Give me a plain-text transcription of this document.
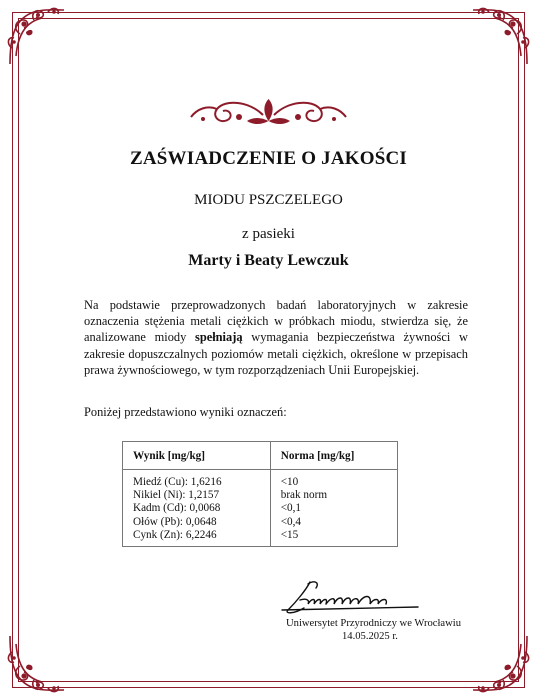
ZAŚWIADCZENIE O JAKOŚCI
MIODU PSZCZELEGO
z pasieki
Marty i Beaty Lewczuk

Na podstawie przeprowadzonych badań laboratoryjnych w zakresie oznaczenia stężenia metali ciężkich w próbkach miodu, stwierdza się, że analizowane miody spełniają wymagania bezpieczeństwa żywności w zakresie dopuszczalnych poziomów metali ciężkich, określone w przepisach prawa żywnościowego, w tym rozporządzeniach Unii Europejskiej.

Poniżej przedstawiono wyniki oznaczeń:

Wynik [mg/kg]	Norma [mg/kg]
Miedź (Cu): 1,6216	<10
Nikiel (Ni): 1,2157	brak norm
Kadm (Cd): 0,0068	<0,1
Ołów (Pb): 0,0648	<0,4
Cynk (Zn): 6,2246	<15
Uniwersytet Przyrodniczy we Wrocławiu
14.05.2025 r.
